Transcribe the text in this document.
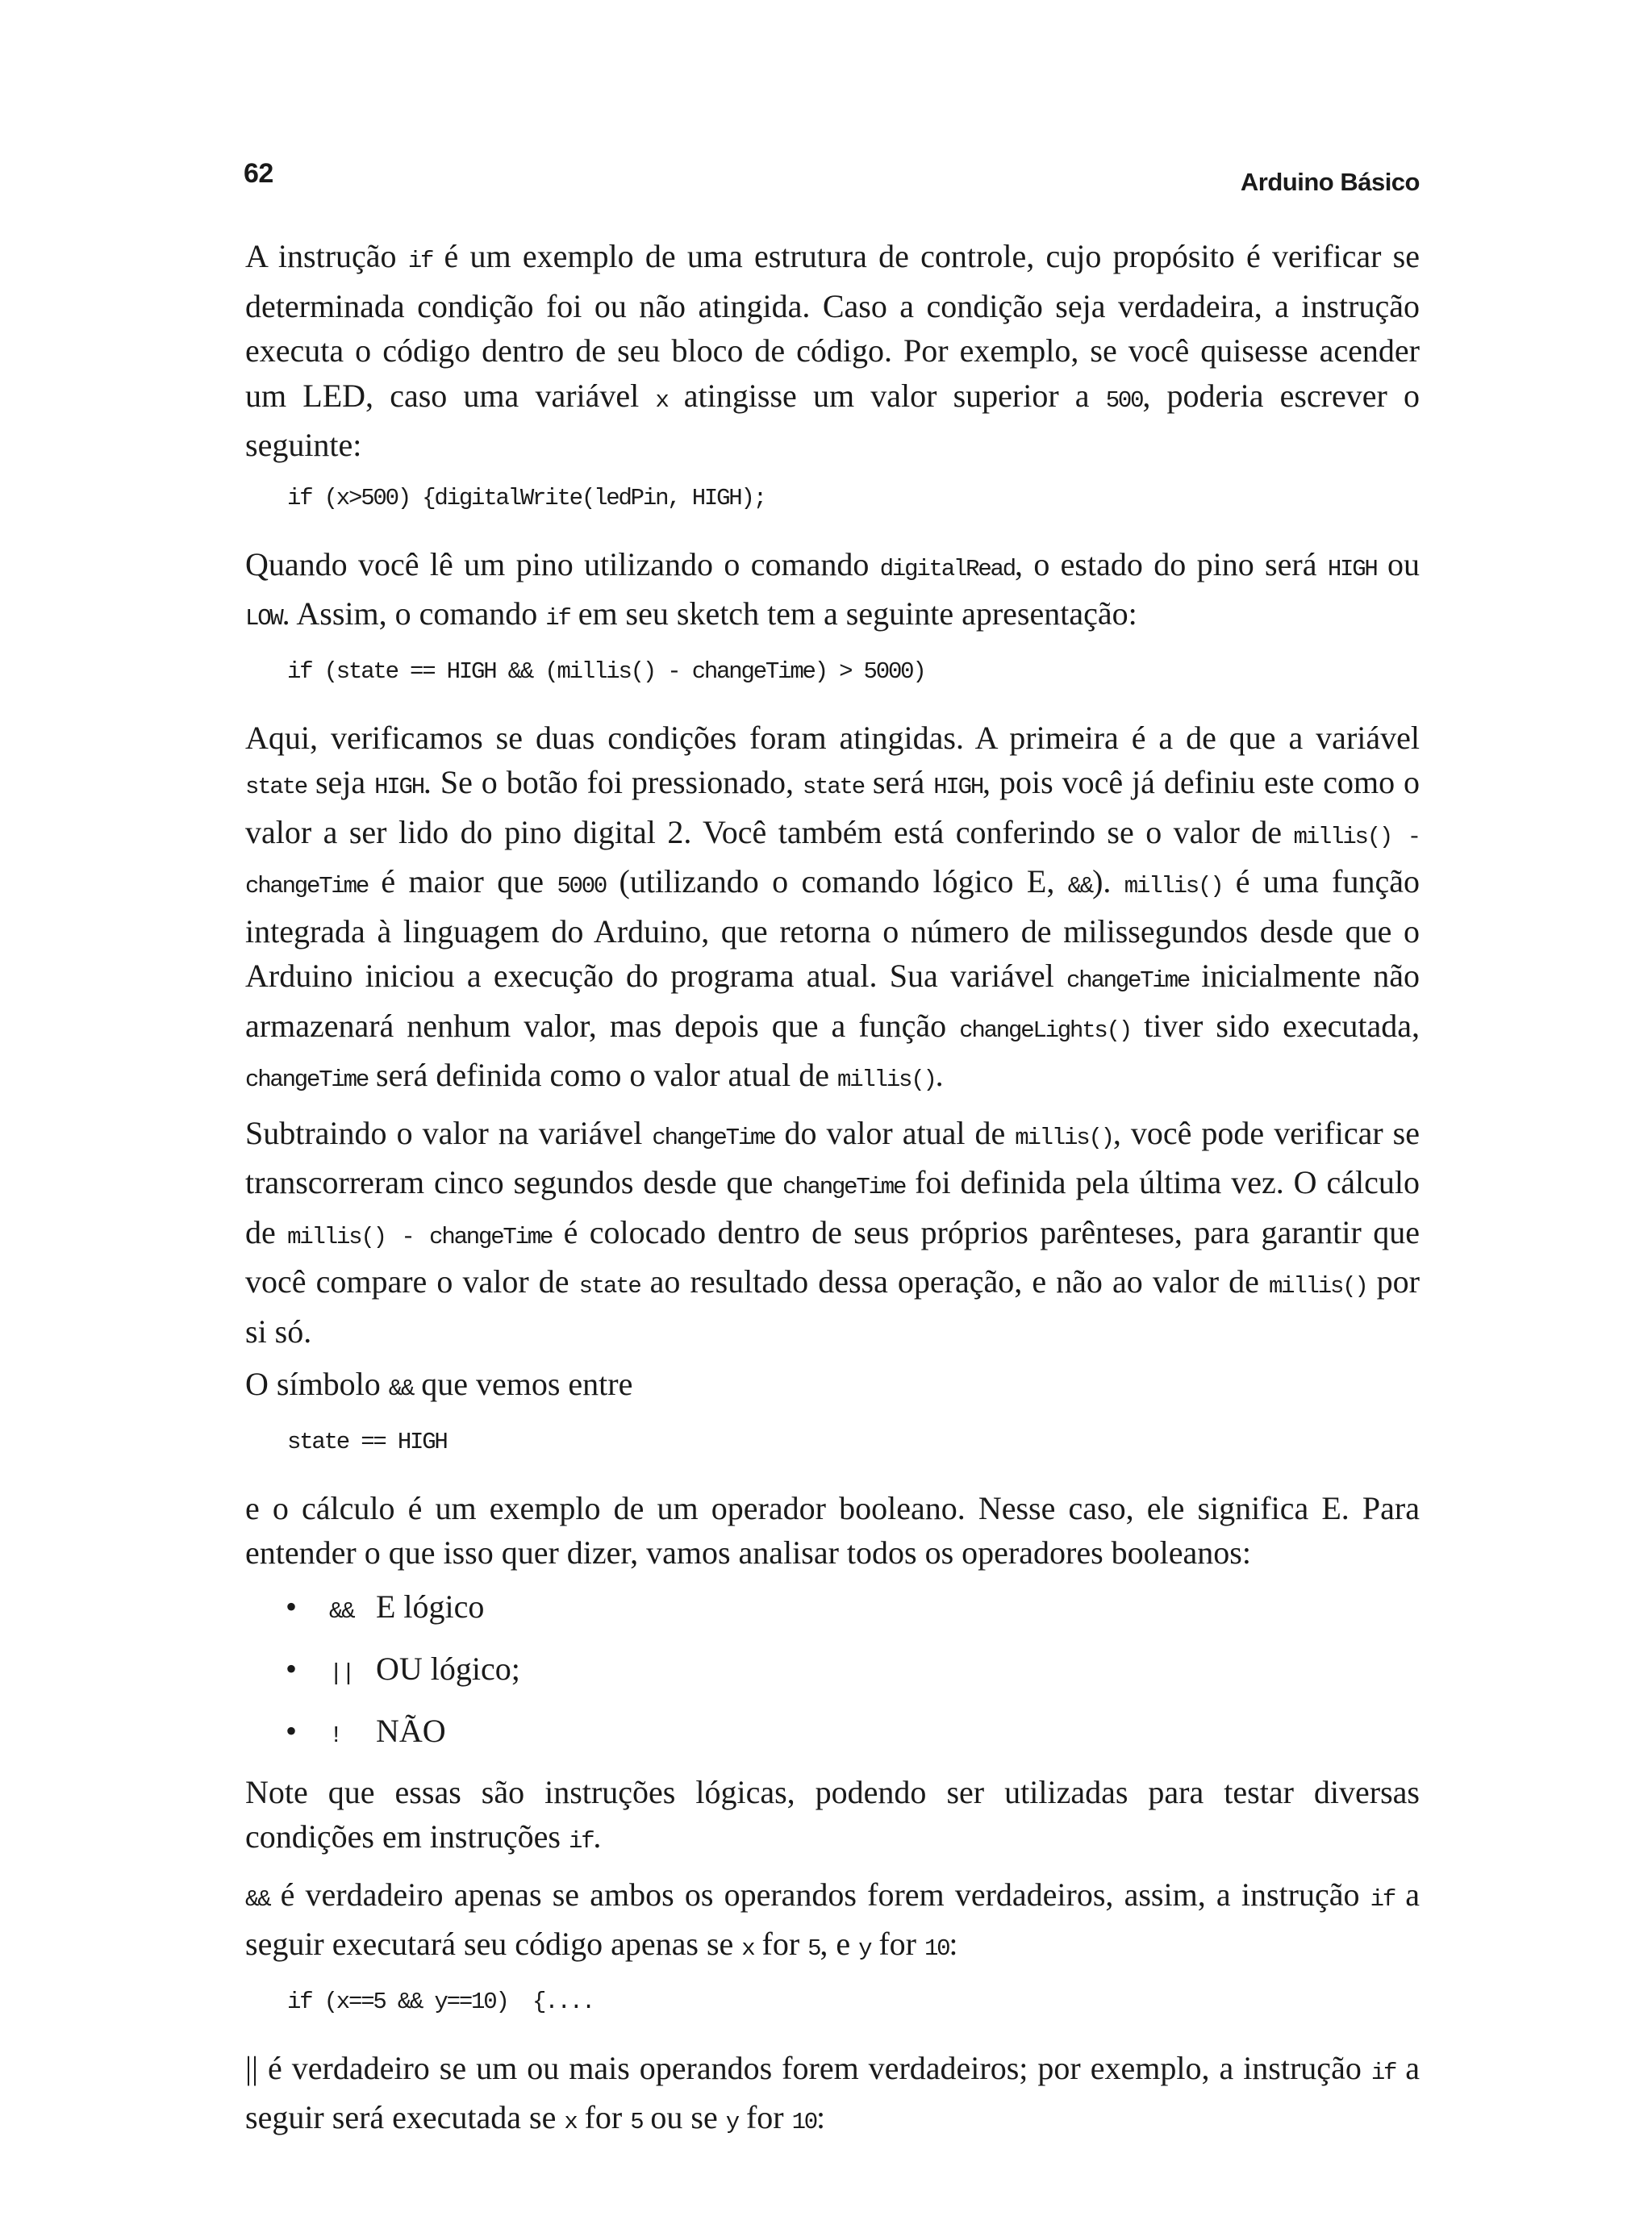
62	Arduino Básico
A instrução if é um exemplo de uma estrutura de controle, cujo propósito é verificar se determinada condição foi ou não atingida. Caso a condição seja verdadeira, a instrução executa o código dentro de seu bloco de código. Por exemplo, se você quisesse acender um LED, caso uma variável x atingisse um valor superior a 500, poderia escrever o seguinte:
if (x>500) {digitalWrite(ledPin, HIGH);
Quando você lê um pino utilizando o comando digitalRead, o estado do pino será HIGH ou LOW. Assim, o comando if em seu sketch tem a seguinte apresentação:
if (state == HIGH && (millis() - changeTime) > 5000)
Aqui, verificamos se duas condições foram atingidas. A primeira é a de que a variável state seja HIGH. Se o botão foi pressionado, state será HIGH, pois você já definiu este como o valor a ser lido do pino digital 2. Você também está conferindo se o valor de millis() - changeTime é maior que 5000 (utilizando o comando lógico E, &&). millis() é uma função integrada à linguagem do Arduino, que retorna o número de milissegundos desde que o Arduino iniciou a execução do programa atual. Sua variável changeTime inicialmente não armazenará nenhum valor, mas depois que a função changeLights() tiver sido executada, changeTime será definida como o valor atual de millis().
Subtraindo o valor na variável changeTime do valor atual de millis(), você pode verificar se transcorreram cinco segundos desde que changeTime foi definida pela última vez. O cálculo de millis() - changeTime é colocado dentro de seus próprios parênteses, para garantir que você compare o valor de state ao resultado dessa operação, e não ao valor de millis() por si só.
O símbolo && que vemos entre
state == HIGH
e o cálculo é um exemplo de um operador booleano. Nesse caso, ele significa E. Para entender o que isso quer dizer, vamos analisar todos os operadores booleanos:
• && E lógico
• || OU lógico;
• ! NÃO
Note que essas são instruções lógicas, podendo ser utilizadas para testar diversas condições em instruções if.
&& é verdadeiro apenas se ambos os operandos forem verdadeiros, assim, a instrução if a seguir executará seu código apenas se x for 5, e y for 10:
if (x==5 && y==10)  {....
|| é verdadeiro se um ou mais operandos forem verdadeiros; por exemplo, a instrução if a seguir será executada se x for 5 ou se y for 10:
